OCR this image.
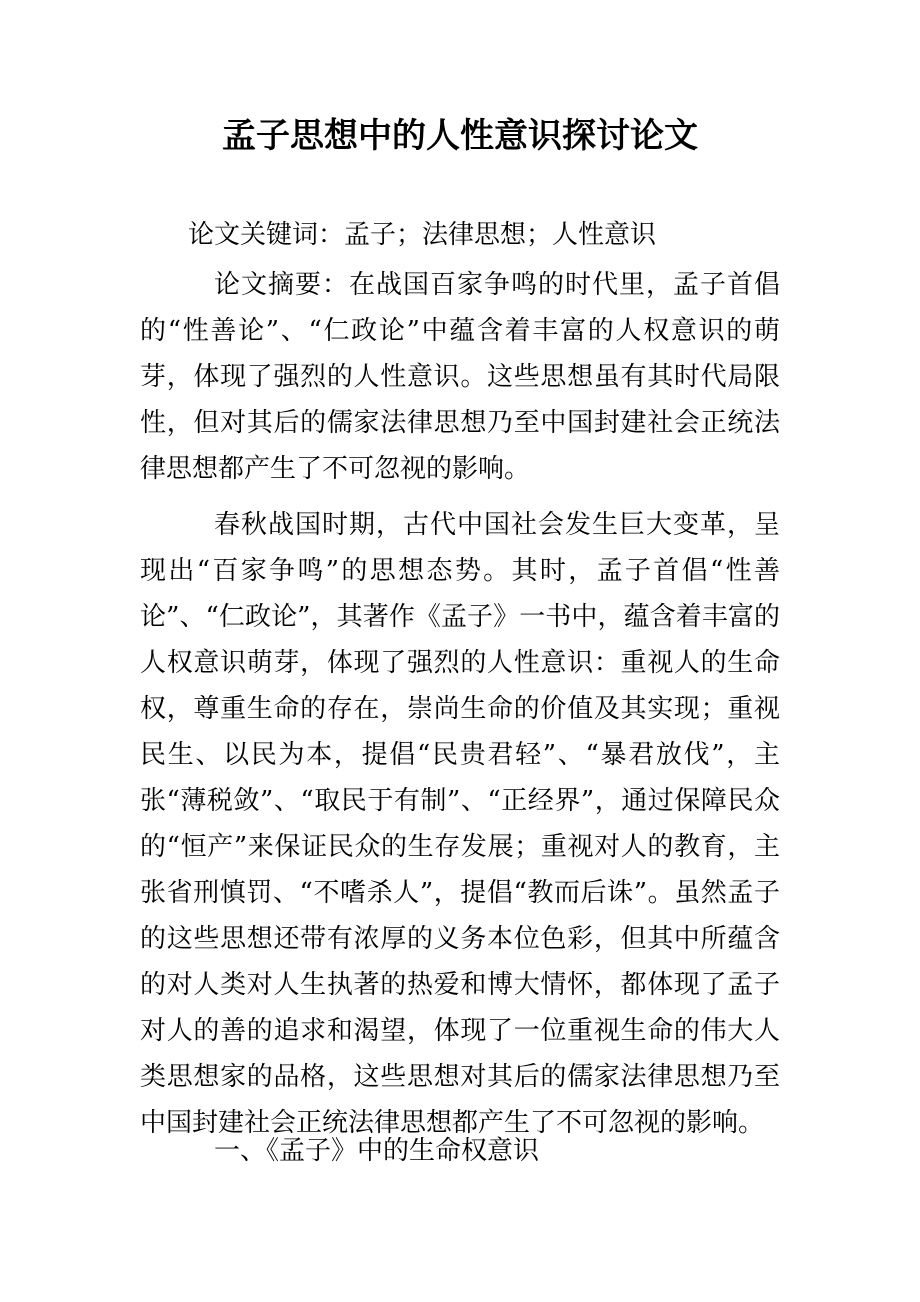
孟子思想中的人性意识探讨论文
论文关键词：孟子；法律思想；人性意识

论文摘要：在战国百家争鸣的时代里，孟子首倡的“性善论”、“仁政论”中蕴含着丰富的人权意识的萌芽，体现了强烈的人性意识。这些思想虽有其时代局限性，但对其后的儒家法律思想乃至中国封建社会正统法律思想都产生了不可忽视的影响。

春秋战国时期，古代中国社会发生巨大变革，呈现出“百家争鸣”的思想态势。其时，孟子首倡“性善论”、“仁政论”，其著作《孟子》一书中，蕴含着丰富的人权意识萌芽，体现了强烈的人性意识：重视人的生命权，尊重生命的存在，崇尚生命的价值及其实现；重视民生、以民为本，提倡“民贵君轻”、“暴君放伐”，主张“薄税敛”、“取民于有制”、“正经界”，通过保障民众的“恒产”来保证民众的生存发展；重视对人的教育，主张省刑慎罚、“不嗜杀人”，提倡“教而后诛”。虽然孟子的这些思想还带有浓厚的义务本位色彩，但其中所蕴含的对人类对人生执著的热爱和博大情怀，都体现了孟子对人的善的追求和渴望，体现了一位重视生命的伟大人类思想家的品格，这些思想对其后的儒家法律思想乃至中国封建社会正统法律思想都产生了不可忽视的影响。

一、《孟子》中的生命权意识
